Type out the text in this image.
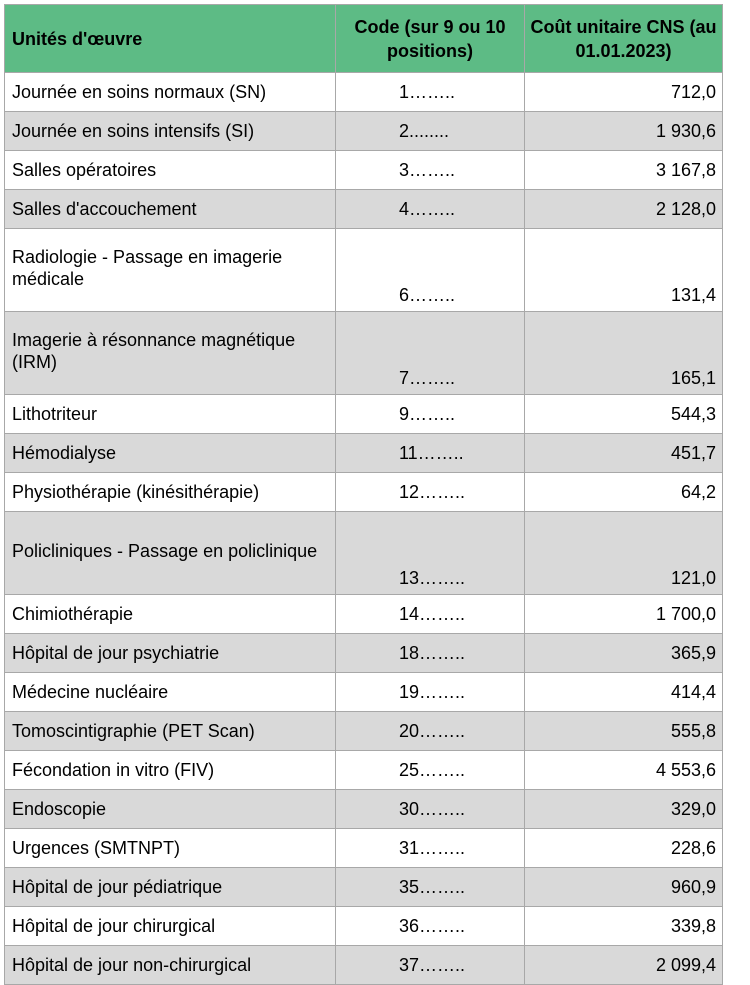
Unités d'œuvre	Code (sur 9 ou 10 positions)	Coût unitaire CNS (au 01.01.2023)
Journée en soins normaux (SN)	1……..	712,0
Journée en soins intensifs (SI)	2........	1 930,6
Salles opératoires	3……..	3 167,8
Salles d'accouchement	4……..	2 128,0
Radiologie - Passage en imagerie médicale	6……..	131,4
Imagerie à résonnance magnétique (IRM)	7……..	165,1
Lithotriteur	9……..	544,3
Hémodialyse	11……..	451,7
Physiothérapie (kinésithérapie)	12……..	64,2
Policliniques - Passage en policlinique	13……..	121,0
Chimiothérapie	14……..	1 700,0
Hôpital de jour psychiatrie	18……..	365,9
Médecine nucléaire	19……..	414,4
Tomoscintigraphie (PET Scan)	20……..	555,8
Fécondation in vitro (FIV)	25……..	4 553,6
Endoscopie	30……..	329,0
Urgences (SMTNPT)	31……..	228,6
Hôpital de jour pédiatrique	35……..	960,9
Hôpital de jour chirurgical	36……..	339,8
Hôpital de jour non-chirurgical	37……..	2 099,4
